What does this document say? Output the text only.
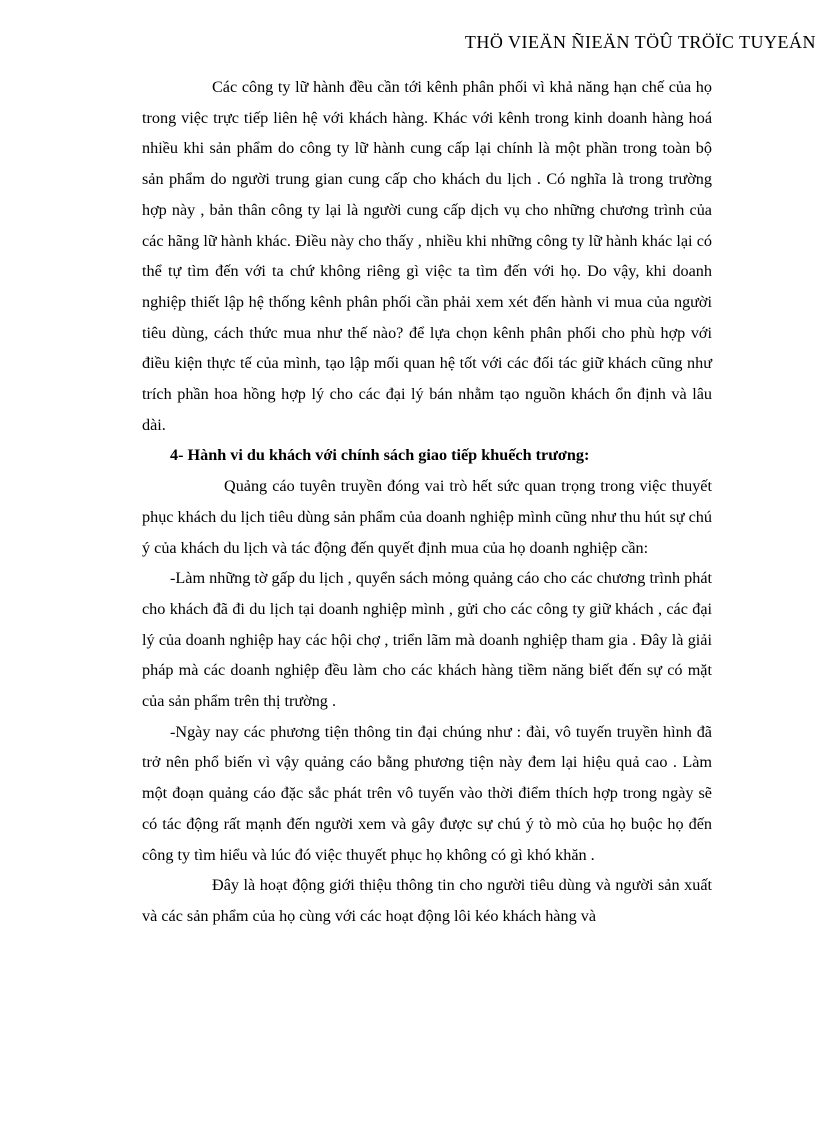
THÖ VIEÄN ÑIEÄN TÖÛ TRÖÏC TUYEÁN

Các công ty lữ hành đều cần tới kênh phân phối vì khả năng hạn chế của họ trong việc trực tiếp liên hệ với khách hàng. Khác với kênh trong kinh doanh hàng hoá nhiều khi sản phẩm do công ty lữ hành cung cấp lại chính là một phần trong toàn bộ sản phẩm do người trung gian cung cấp cho khách du lịch . Có nghĩa là trong trường hợp này , bản thân công ty lại là người cung cấp dịch vụ cho những chương trình của các hãng lữ hành khác. Điều này cho thấy , nhiều khi những công ty lữ hành khác lại có thể tự tìm đến với ta chứ không riêng gì việc ta tìm đến với họ. Do vậy, khi doanh nghiệp thiết lập hệ thống kênh phân phối cần phải xem xét đến hành vi mua của người tiêu dùng, cách thức mua như thế nào? để lựa chọn kênh phân phối cho phù hợp với điều kiện thực tế của mình, tạo lập mối quan hệ tốt với các đối tác giữ khách cũng như trích phần hoa hồng hợp lý cho các đại lý bán nhằm tạo nguồn khách ổn định và lâu dài.

4- Hành vi du khách với chính sách giao tiếp khuếch trương:

Quảng cáo tuyên truyền đóng vai trò hết sức quan trọng trong việc thuyết phục khách du lịch tiêu dùng sản phẩm của doanh nghiệp mình cũng như thu hút sự chú ý của khách du lịch và tác động đến quyết định mua của họ doanh nghiệp cần:

-Làm những tờ gấp du lịch , quyển sách mỏng quảng cáo cho các chương trình phát cho khách đã đi du lịch tại doanh nghiệp mình , gửi cho các công ty giữ khách , các đại lý của doanh nghiệp hay các hội chợ , triển lãm mà doanh nghiệp tham gia . Đây là giải pháp mà các doanh nghiệp đều làm cho các khách hàng tiềm năng biết đến sự có mặt của sản phẩm trên thị trường .

-Ngày nay các phương tiện thông tin đại chúng như : đài, vô tuyến truyền hình đã trở nên phổ biến vì vậy quảng cáo bằng phương tiện này đem lại hiệu quả cao . Làm một đoạn quảng cáo đặc sắc phát trên vô tuyến vào thời điểm thích hợp trong ngày sẽ có tác động rất mạnh đến người xem và gây được sự chú ý tò mò của họ buộc họ đến công ty tìm hiểu và lúc đó việc thuyết phục họ không có gì khó khăn .

Đây là hoạt động giới thiệu thông tin cho người tiêu dùng và người sản xuất và các sản phẩm của họ cùng với các hoạt động lôi kéo khách hàng và
